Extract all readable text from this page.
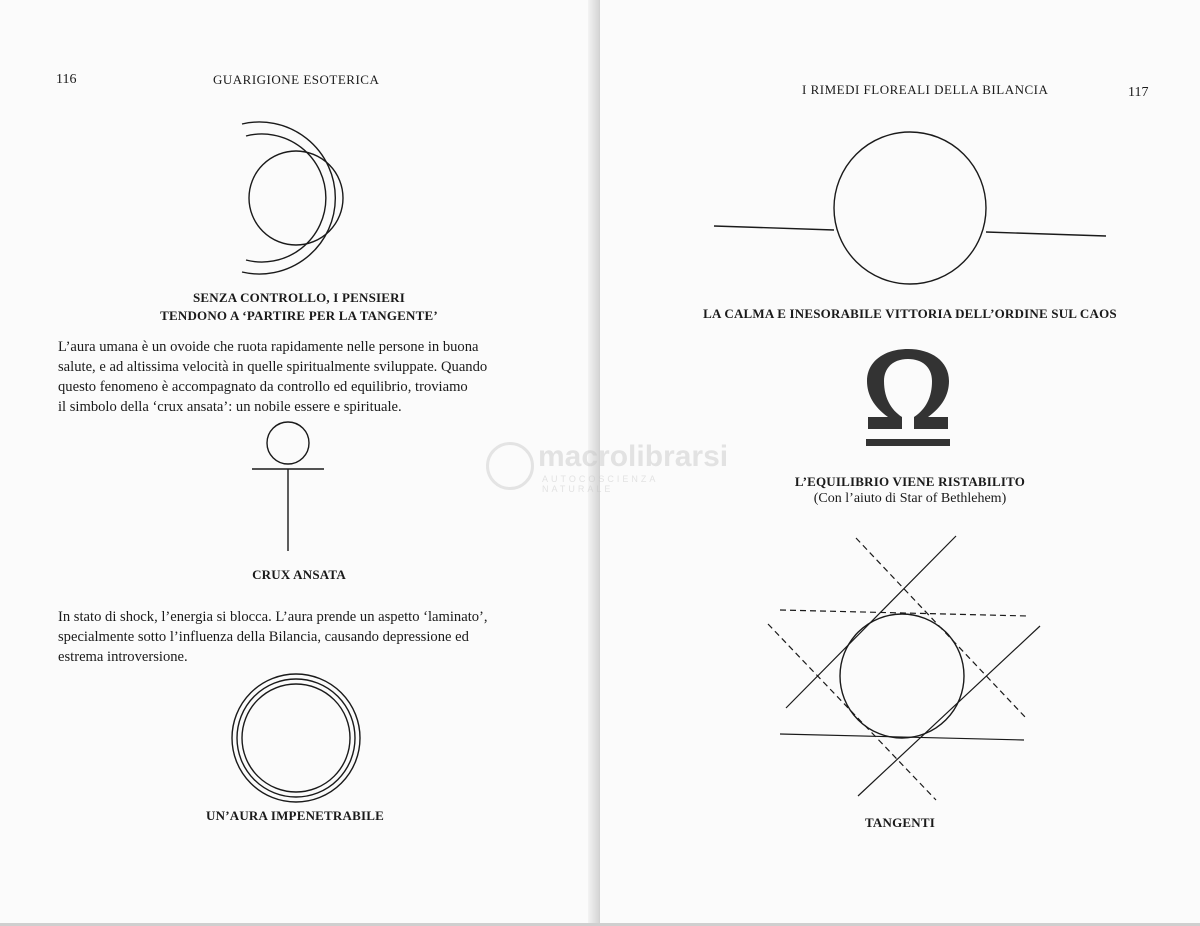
116	GUARIGIONE ESOTERICA
SENZA CONTROLLO, I PENSIERI
TENDONO A ‘PARTIRE PER LA TANGENTE’
L’aura umana è un ovoide che ruota rapidamente nelle persone in buona
salute, e ad altissima velocità in quelle spiritualmente sviluppate. Quando
questo fenomeno è accompagnato da controllo ed equilibrio, troviamo
il simbolo della ‘crux ansata’: un nobile essere e spirituale.
CRUX ANSATA
In stato di shock, l’energia si blocca. L’aura prende un aspetto ‘laminato’,
specialmente sotto l’influenza della Bilancia, causando depressione ed
estrema introversione.
UN’AURA IMPENETRABILE
I RIMEDI FLOREALI DELLA BILANCIA	117
LA CALMA E INESORABILE VITTORIA DELL’ORDINE SUL CAOS
L’EQUILIBRIO VIENE RISTABILITO
(Con l’aiuto di Star of Bethlehem)
TANGENTI
macrolibrarsi
AUTOCOSCIENZA NATURALE
